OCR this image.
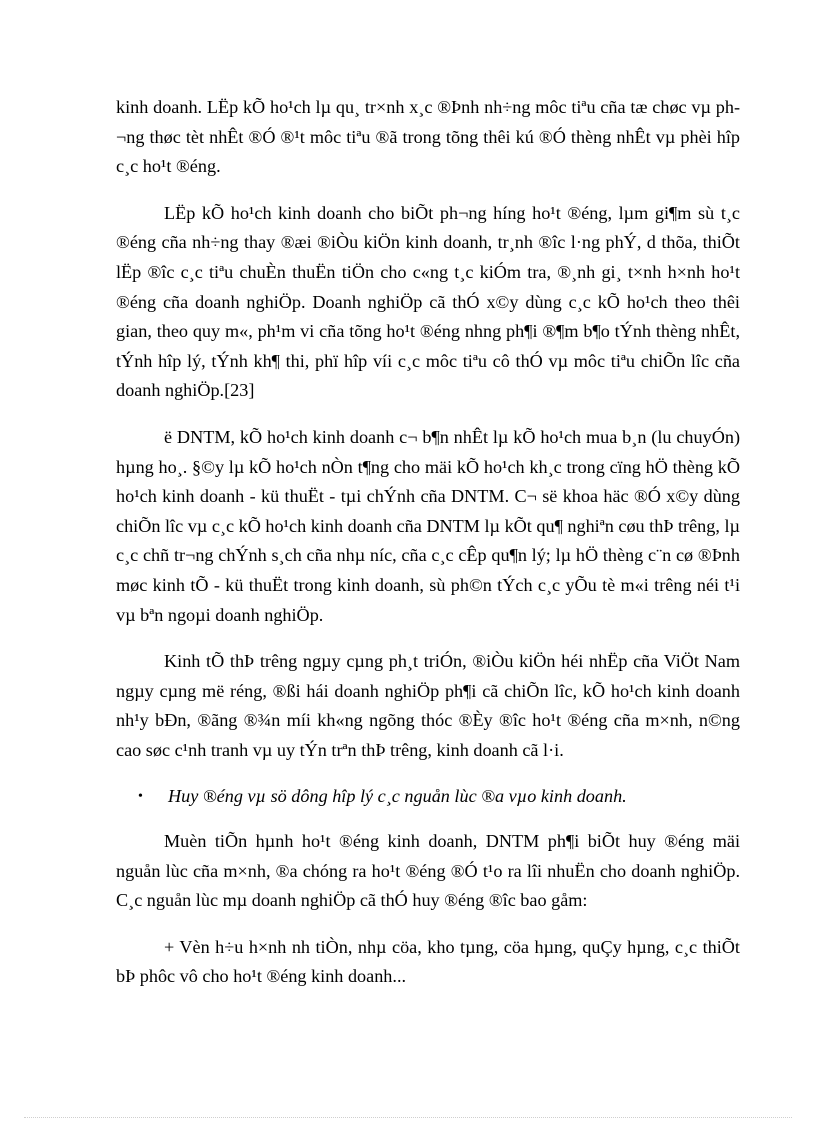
kinh doanh. LËp kÕ ho¹ch lµ qu¸ tr×nh x¸c ®Þnh nh÷ng môc tiªu cña tæ chøc vµ ph¬ng thøc tèt nhÊt ®Ó ®¹t môc tiªu ®ã trong tõng thêi kú ®Ó thèng nhÊt vµ phèi hîp c¸c ho¹t ®éng.

LËp kÕ ho¹ch kinh doanh cho biÕt ph¬ng híng ho¹t ®éng, lµm gi¶m sù t¸c ®éng cña nh÷ng thay ®æi ®iÒu kiÖn kinh doanh, tr¸nh ®îc l·ng phÝ, d thõa, thiÕt lËp ®îc c¸c tiªu chuÈn thuËn tiÖn cho c«ng t¸c kiÓm tra, ®¸nh gi¸ t×nh h×nh ho¹t ®éng cña doanh nghiÖp. Doanh nghiÖp cã thÓ x©y dùng c¸c kÕ ho¹ch theo thêi gian, theo quy m«, ph¹m vi cña tõng ho¹t ®éng nhng ph¶i ®¶m b¶o tÝnh thèng nhÊt, tÝnh hîp lý, tÝnh kh¶ thi, phï hîp víi c¸c môc tiªu cô thÓ vµ môc tiªu chiÕn lîc cña doanh nghiÖp.[23]

ë DNTM, kÕ ho¹ch kinh doanh c¬ b¶n nhÊt lµ kÕ ho¹ch mua b¸n (lu chuyÓn) hµng ho¸. §©y lµ kÕ ho¹ch nÒn t¶ng cho mäi kÕ ho¹ch kh¸c trong cïng hÖ thèng kÕ ho¹ch kinh doanh - kü thuËt - tµi chÝnh cña DNTM. C¬ së khoa häc ®Ó x©y dùng chiÕn lîc vµ c¸c kÕ ho¹ch kinh doanh cña DNTM lµ kÕt qu¶ nghiªn cøu thÞ trêng, lµ c¸c chñ tr¬ng chÝnh s¸ch cña nhµ níc, cña c¸c cÊp qu¶n lý; lµ hÖ thèng c¨n cø ®Þnh møc kinh tÕ - kü thuËt trong kinh doanh, sù ph©n tÝch c¸c yÕu tè m«i trêng néi t¹i vµ bªn ngoµi doanh nghiÖp.

Kinh tÕ thÞ trêng ngµy cµng ph¸t triÓn, ®iÒu kiÖn héi nhËp cña ViÖt Nam ngµy cµng më réng, ®ßi hái doanh nghiÖp ph¶i cã chiÕn lîc, kÕ ho¹ch kinh doanh nh¹y bÐn, ®ãng ®¾n míi kh«ng ngõng thóc ®Èy ®îc ho¹t ®éng cña m×nh, n©ng cao søc c¹nh tranh vµ uy tÝn trªn thÞ trêng, kinh doanh cã l·i.

• Huy ®éng vµ sö dông hîp lý c¸c nguån lùc ®a vµo kinh doanh.

Muèn tiÕn hµnh ho¹t ®éng kinh doanh, DNTM ph¶i biÕt huy ®éng mäi nguån lùc cña m×nh, ®a chóng ra ho¹t ®éng ®Ó t¹o ra lîi nhuËn cho doanh nghiÖp. C¸c nguån lùc mµ doanh nghiÖp cã thÓ huy ®éng ®îc bao gåm:

+ Vèn h÷u h×nh nh tiÒn, nhµ cöa, kho tµng, cöa hµng, quÇy hµng, c¸c thiÕt bÞ phôc vô cho ho¹t ®éng kinh doanh...
